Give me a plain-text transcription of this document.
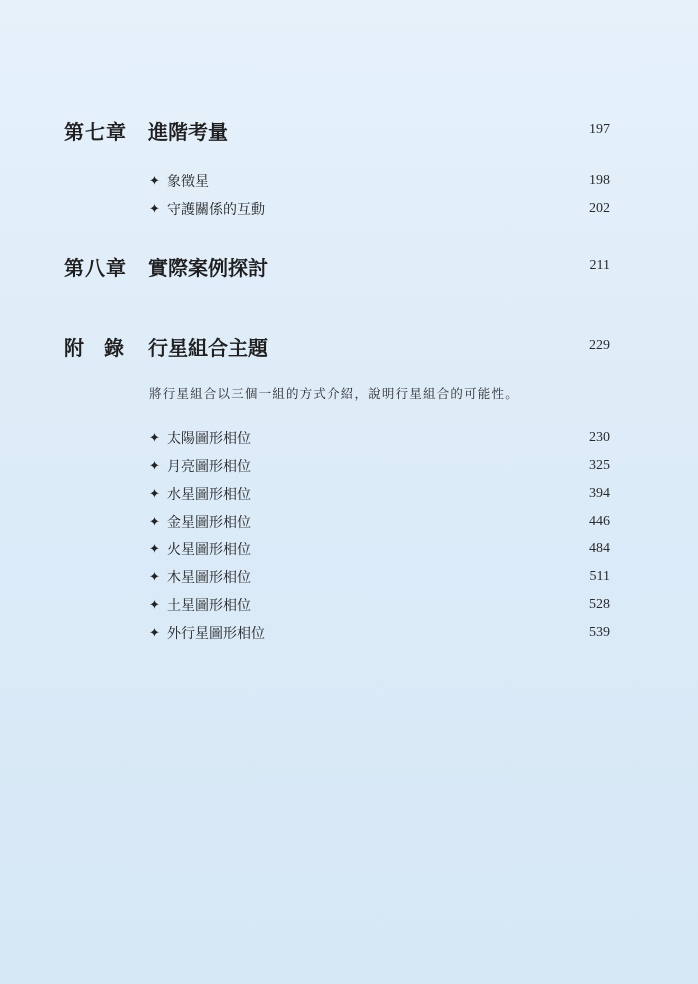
第七章	進階考量	197
✦ 象徵星	198
✦ 守護關係的互動	202
第八章	實際案例探討	211
附 錄 行星組合主題	229
將行星組合以三個一組的方式介紹，說明行星組合的可能性。
✦ 太陽圖形相位	230
✦ 月亮圖形相位	325
✦ 水星圖形相位	394
✦ 金星圖形相位	446
✦ 火星圖形相位	484
✦ 木星圖形相位	511
✦ 土星圖形相位	528
✦ 外行星圖形相位	539
